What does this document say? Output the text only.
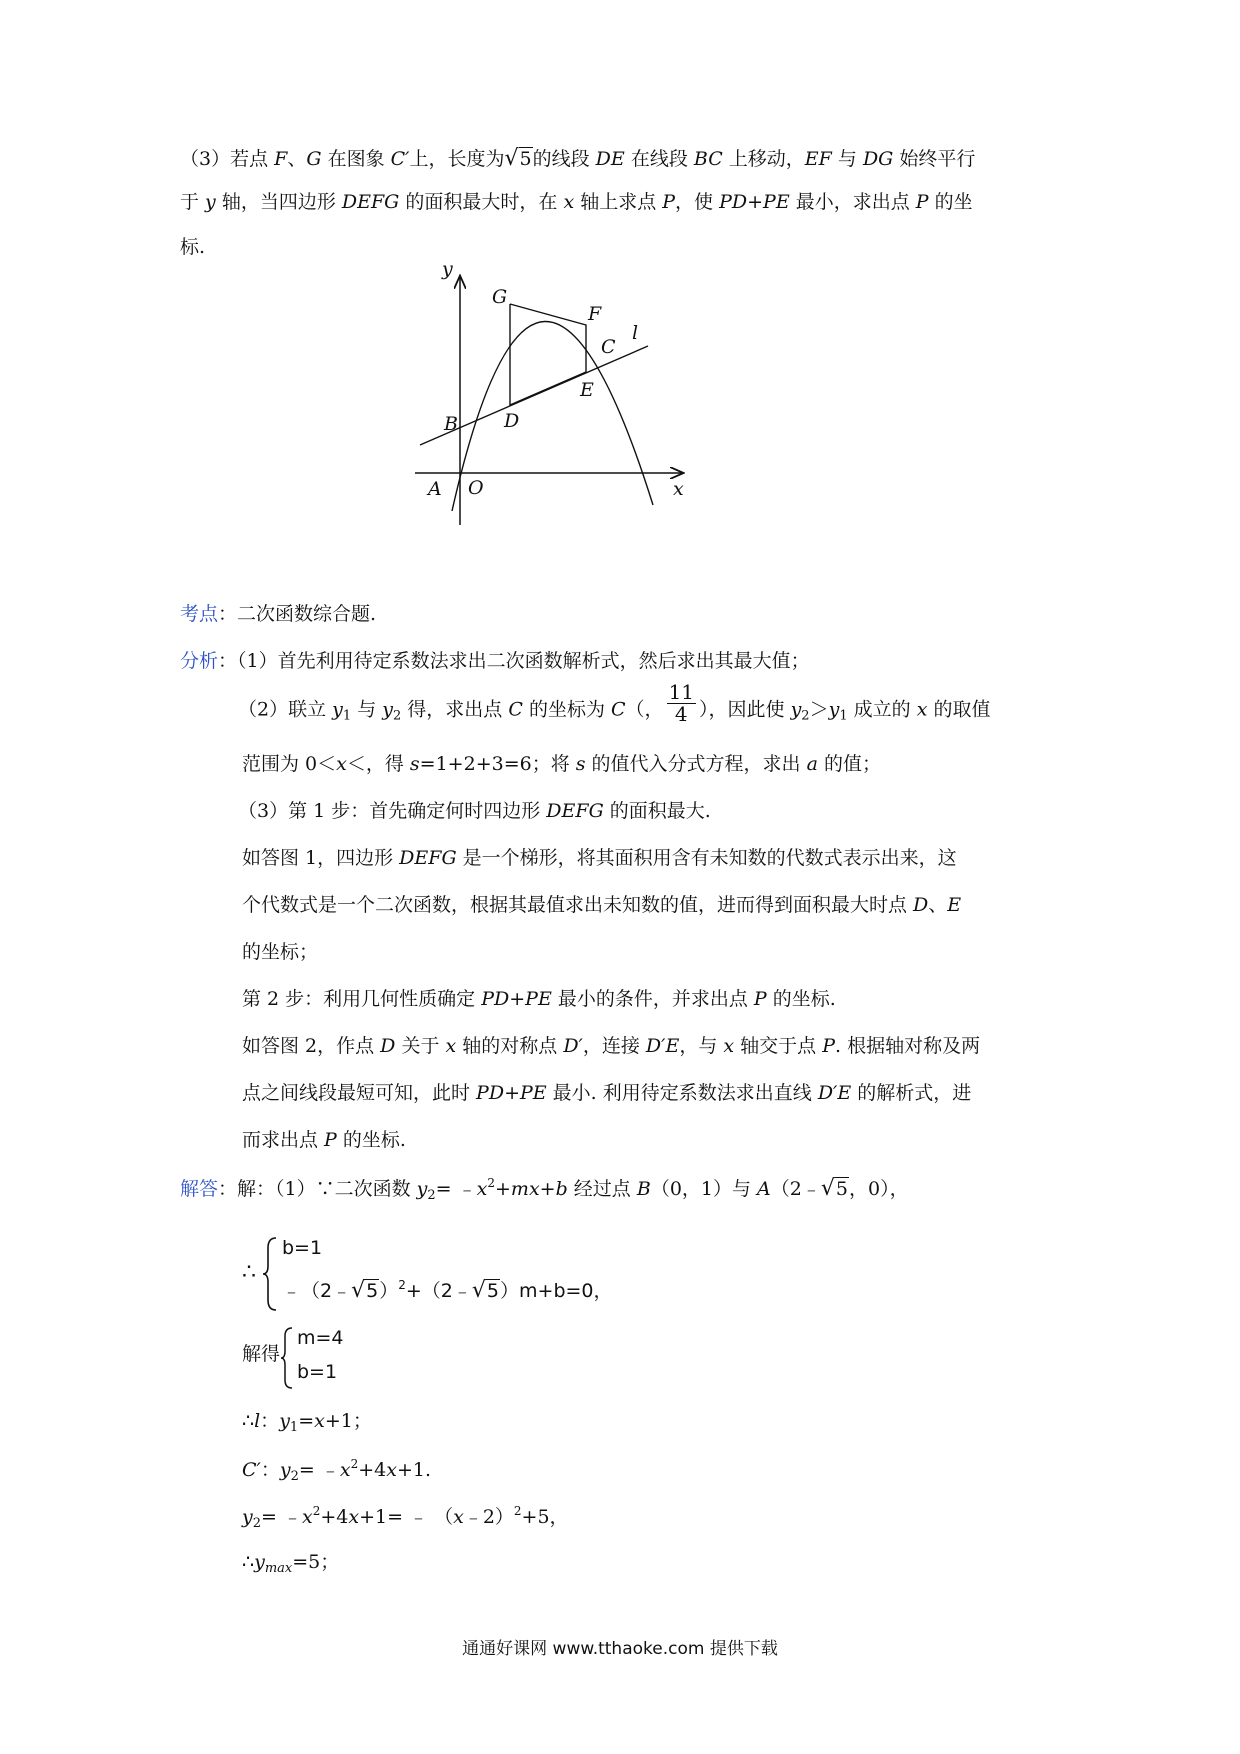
（3）若点 F、G 在图象 C′上，长度为√5的线段 DE 在线段 BC 上移动，EF 与 DG 始终平行
于 y 轴，当四边形 DEFG 的面积最大时，在 x 轴上求点 P，使 PD+PE 最小，求出点 P 的坐
标.
y
x
O
A
B
C
D
E
F
G
l
考点：二次函数综合题.
分析：（1）首先利用待定系数法求出二次函数解析式，然后求出其最大值；
（2）联立 $y_1$ 与 $y_2$ 得，求出点 C 的坐标为 C（， $\frac{11}{4}$ ），因此使 $y_2>y_1$ 成立的 x 的取值
范围为 0＜x＜，得 s=1+2+3=6；将 s 的值代入分式方程，求出 a 的值；
（3）第 1 步：首先确定何时四边形 DEFG 的面积最大.
如答图 1，四边形 DEFG 是一个梯形，将其面积用含有未知数的代数式表示出来，这
个代数式是一个二次函数，根据其最值求出未知数的值，进而得到面积最大时点 D、E
的坐标；
第 2 步：利用几何性质确定 PD+PE 最小的条件，并求出点 P 的坐标.
如答图 2，作点 D 关于 x 轴的对称点 D′，连接 D′E，与 x 轴交于点 P. 根据轴对称及两
点之间线段最短可知，此时 PD+PE 最小. 利用待定系数法求出直线 D′E 的解析式，进
而求出点 P 的坐标.
解答：解：（1）∵二次函数 $y_2=$ $﹣x^2+mx+b$ 经过点 B（0，1）与 A（2﹣√5，0），
∴
b=1
﹣（2﹣√5）$^2$+（2﹣√5）m+b=0，
解得
m=4
b=1
∴l：$y_1=x+1$；
C′：$y_2=$ $﹣x^2+4x+1$.
$y_2=$ $﹣x^2+4x+1=$ ﹣ （x﹣2）$^2$+5，
$\therefore y_{max}=5$；
通通好课网 www.tthaoke.com 提供下载
